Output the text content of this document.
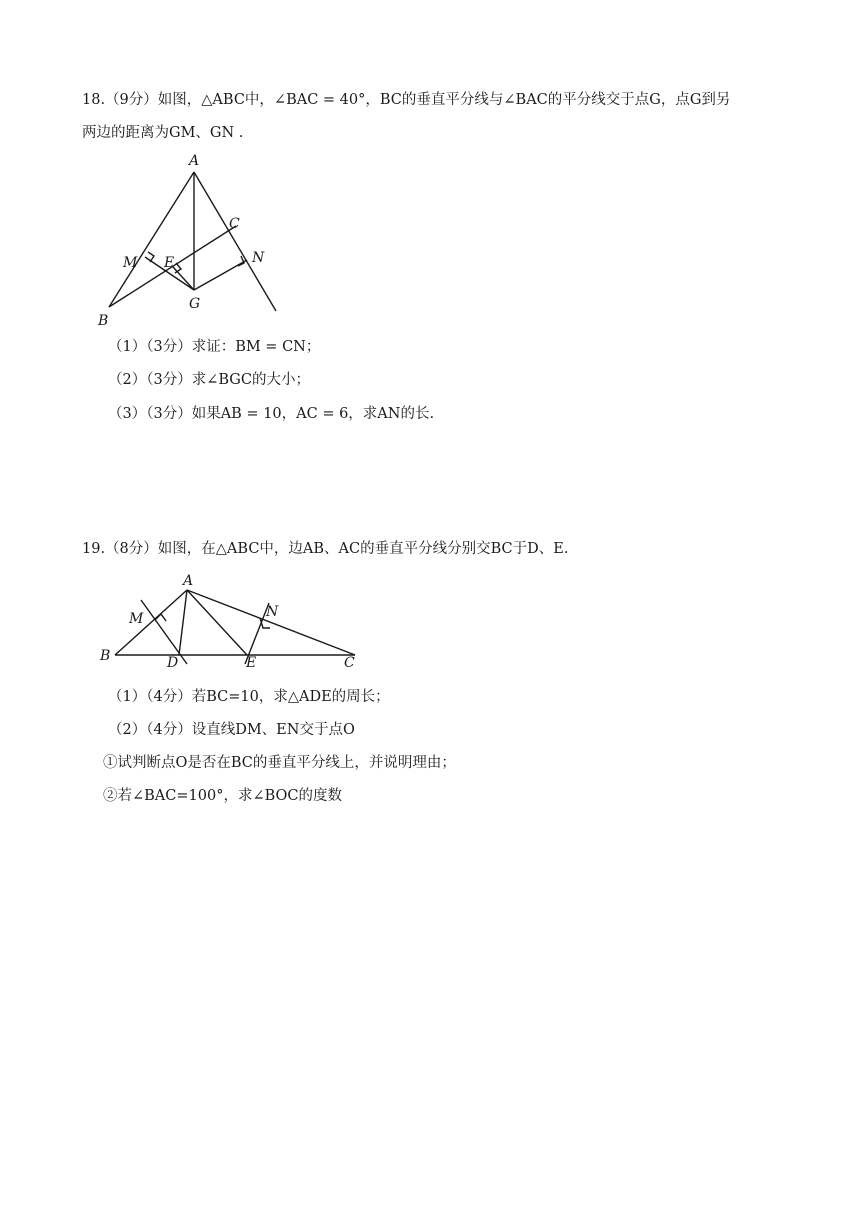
18.（9分）如图，△ABC中，∠BAC = 40°，BC的垂直平分线与∠BAC的平分线交于点G，点G到另
两边的距离为GM、GN .
A
B
C
M E	N
G
（1）（3分）求证：BM = CN；
（2）（3分）求∠BGC的大小；
（3）（3分）如果AB = 10，AC = 6，求AN的长.
19.（8分）如图，在△ABC中，边AB、AC的垂直平分线分别交BC于D、E.
A
B	C
M	N
D	E
（1）（4分）若BC=10，求△ADE的周长；
（2）（4分）设直线DM、EN交于点O
①试判断点O是否在BC的垂直平分线上，并说明理由；
②若∠BAC=100°，求∠BOC的度数
